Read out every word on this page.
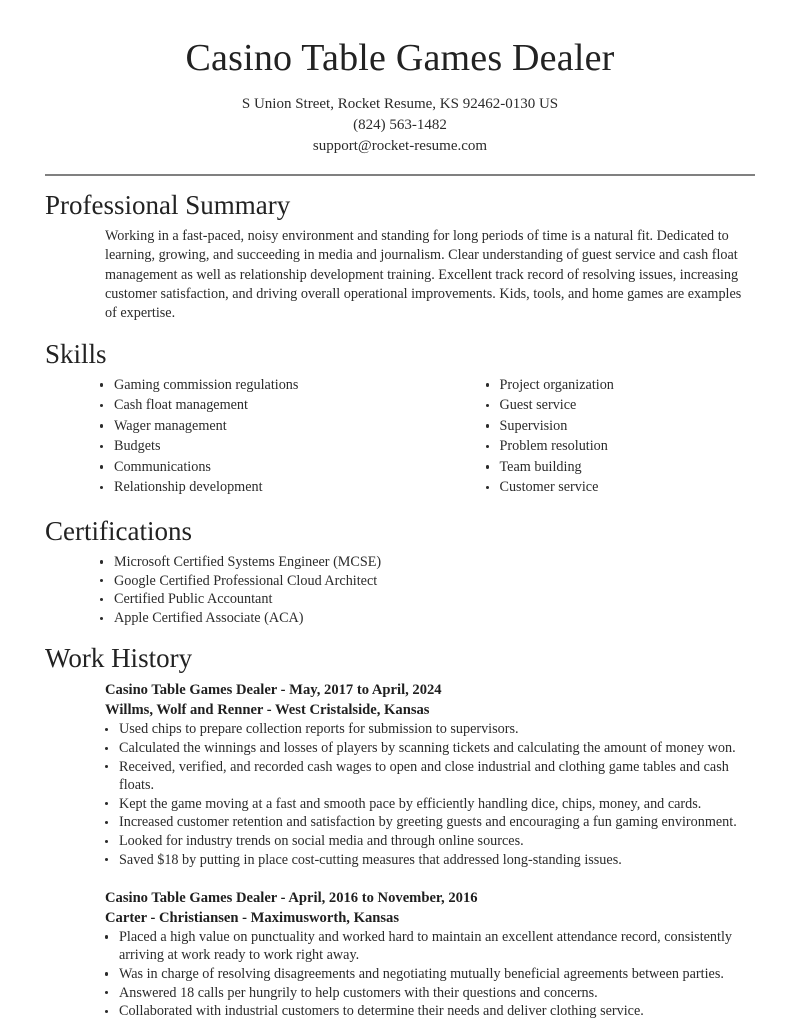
Casino Table Games Dealer
S Union Street, Rocket Resume, KS 92462-0130 US
(824) 563-1482
support@rocket-resume.com
Professional Summary

Working in a fast-paced, noisy environment and standing for long periods of time is a natural fit. Dedicated to learning, growing, and succeeding in media and journalism. Clear understanding of guest service and cash float management as well as relationship development training. Excellent track record of resolving issues, increasing customer satisfaction, and driving overall operational improvements. Kids, tools, and home games are examples of expertise.

Skills
Gaming commission regulations
Cash float management
Wager management
Budgets
Communications
Relationship development
Project organization
Guest service
Supervision
Problem resolution
Team building
Customer service
Certifications
Microsoft Certified Systems Engineer (MCSE)
Google Certified Professional Cloud Architect
Certified Public Accountant
Apple Certified Associate (ACA)
Work History
Casino Table Games Dealer - May, 2017 to April, 2024
Willms, Wolf and Renner - West Cristalside, Kansas
Used chips to prepare collection reports for submission to supervisors.
Calculated the winnings and losses of players by scanning tickets and calculating the amount of money won.
Received, verified, and recorded cash wages to open and close industrial and clothing game tables and cash floats.
Kept the game moving at a fast and smooth pace by efficiently handling dice, chips, money, and cards.
Increased customer retention and satisfaction by greeting guests and encouraging a fun gaming environment.
Looked for industry trends on social media and through online sources.
Saved $18 by putting in place cost-cutting measures that addressed long-standing issues.
Casino Table Games Dealer - April, 2016 to November, 2016
Carter - Christiansen - Maximusworth, Kansas
Placed a high value on punctuality and worked hard to maintain an excellent attendance record, consistently arriving at work ready to work right away.
Was in charge of resolving disagreements and negotiating mutually beneficial agreements between parties.
Answered 18 calls per hungrily to help customers with their questions and concerns.
Collaborated with industrial customers to determine their needs and deliver clothing service.
